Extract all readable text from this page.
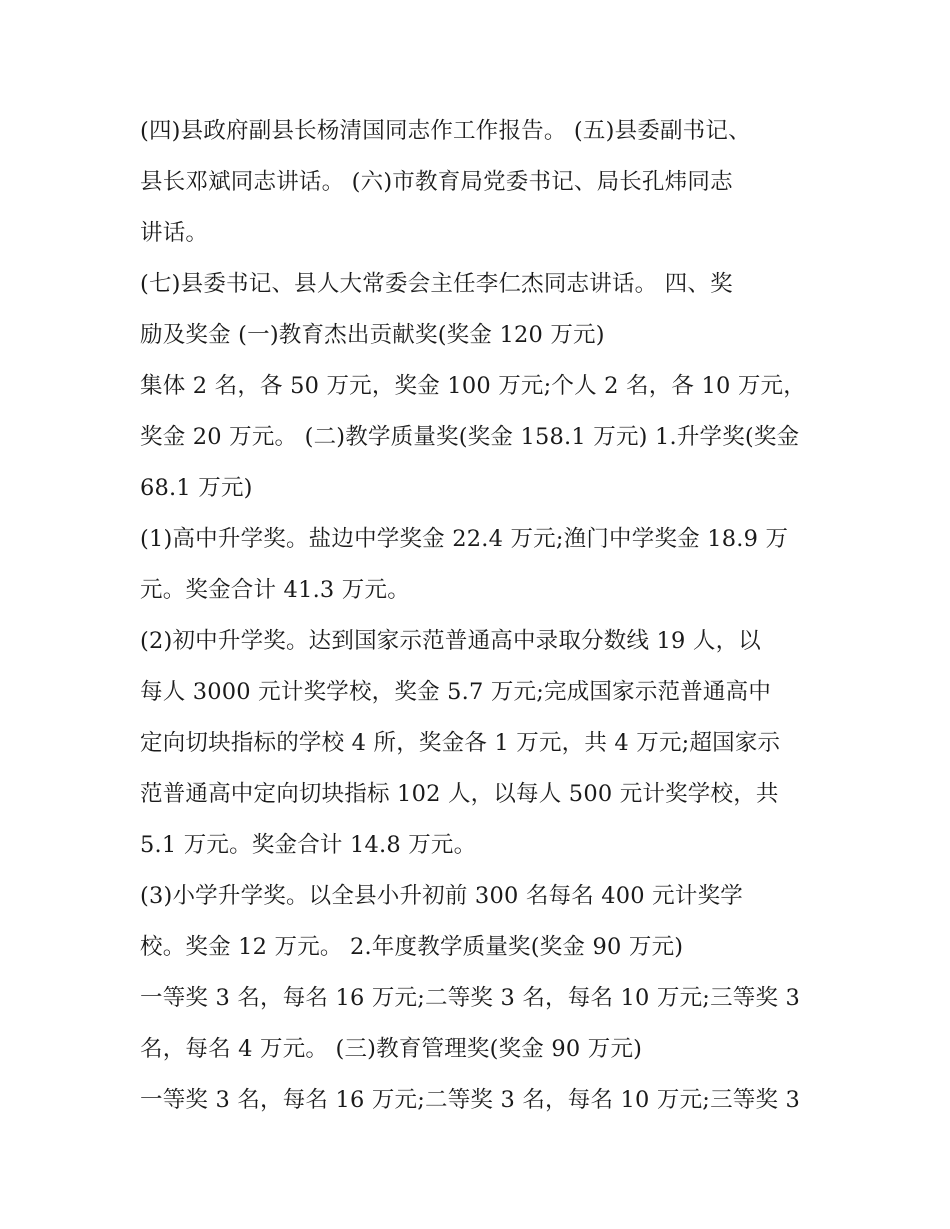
(四)县政府副县长杨清国同志作工作报告。 (五)县委副书记、
县长邓斌同志讲话。 (六)市教育局党委书记、局长孔炜同志
讲话。
(七)县委书记、县人大常委会主任李仁杰同志讲话。 四、奖
励及奖金 (一)教育杰出贡献奖(奖金 120 万元)
集体 2 名，各 50 万元，奖金 100 万元;个人 2 名，各 10 万元，
奖金 20 万元。 (二)教学质量奖(奖金 158.1 万元) 1.升学奖(奖金
68.1 万元)
(1)高中升学奖。盐边中学奖金 22.4 万元;渔门中学奖金 18.9 万
元。奖金合计 41.3 万元。
(2)初中升学奖。达到国家示范普通高中录取分数线 19 人，以
每人 3000 元计奖学校，奖金 5.7 万元;完成国家示范普通高中
定向切块指标的学校 4 所，奖金各 1 万元，共 4 万元;超国家示
范普通高中定向切块指标 102 人，以每人 500 元计奖学校，共
5.1 万元。奖金合计 14.8 万元。
(3)小学升学奖。以全县小升初前 300 名每名 400 元计奖学
校。奖金 12 万元。 2.年度教学质量奖(奖金 90 万元)
一等奖 3 名，每名 16 万元;二等奖 3 名，每名 10 万元;三等奖 3
名，每名 4 万元。 (三)教育管理奖(奖金 90 万元)
一等奖 3 名，每名 16 万元;二等奖 3 名，每名 10 万元;三等奖 3
